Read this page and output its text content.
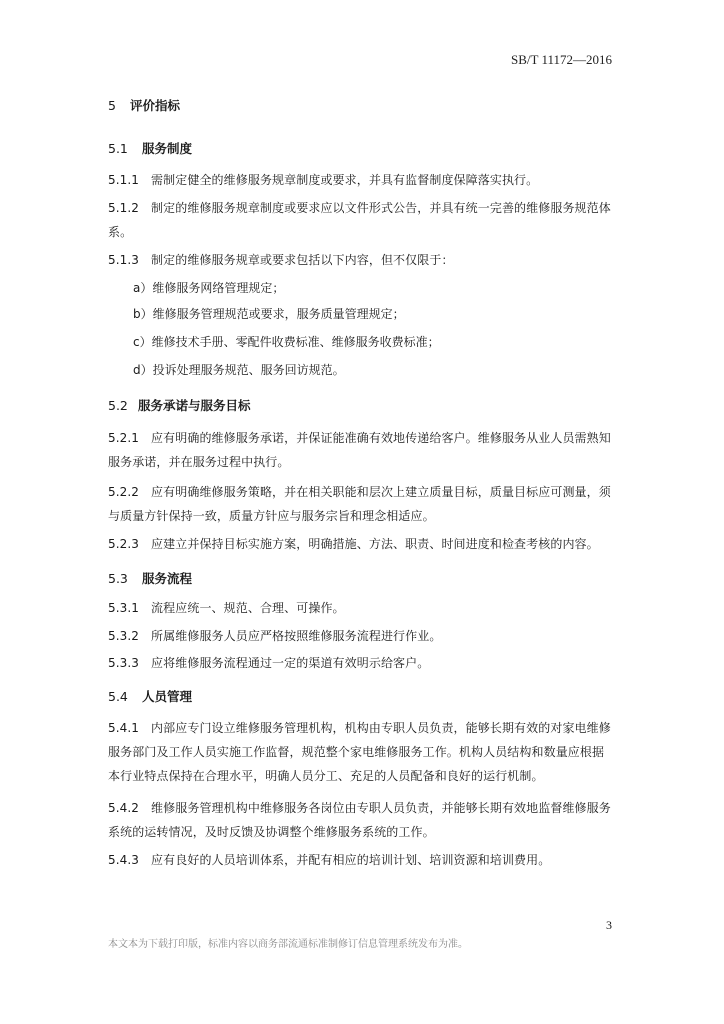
SB/T 11172—2016
5 评价指标
5.1 服务制度
5.1.1 需制定健全的维修服务规章制度或要求，并具有监督制度保障落实执行。
5.1.2 制定的维修服务规章制度或要求应以文件形式公告，并具有统一完善的维修服务规范体系。
5.1.3 制定的维修服务规章或要求包括以下内容，但不仅限于：
a）维修服务网络管理规定；
b）维修服务管理规范或要求，服务质量管理规定；
c）维修技术手册、零配件收费标准、维修服务收费标准；
d）投诉处理服务规范、服务回访规范。
5.2 服务承诺与服务目标
5.2.1 应有明确的维修服务承诺，并保证能准确有效地传递给客户。维修服务从业人员需熟知服务承诺，并在服务过程中执行。
5.2.2 应有明确维修服务策略，并在相关职能和层次上建立质量目标，质量目标应可测量，须与质量方针保持一致，质量方针应与服务宗旨和理念相适应。
5.2.3 应建立并保持目标实施方案，明确措施、方法、职责、时间进度和检查考核的内容。
5.3 服务流程
5.3.1 流程应统一、规范、合理、可操作。
5.3.2 所属维修服务人员应严格按照维修服务流程进行作业。
5.3.3 应将维修服务流程通过一定的渠道有效明示给客户。
5.4 人员管理
5.4.1 内部应专门设立维修服务管理机构，机构由专职人员负责，能够长期有效的对家电维修服务部门及工作人员实施工作监督，规范整个家电维修服务工作。机构人员结构和数量应根据本行业特点保持在合理水平，明确人员分工、充足的人员配备和良好的运行机制。
5.4.2 维修服务管理机构中维修服务各岗位由专职人员负责，并能够长期有效地监督维修服务系统的运转情况，及时反馈及协调整个维修服务系统的工作。
5.4.3 应有良好的人员培训体系，并配有相应的培训计划、培训资源和培训费用。
3
本文本为下载打印版，标准内容以商务部流通标准制修订信息管理系统发布为准。
